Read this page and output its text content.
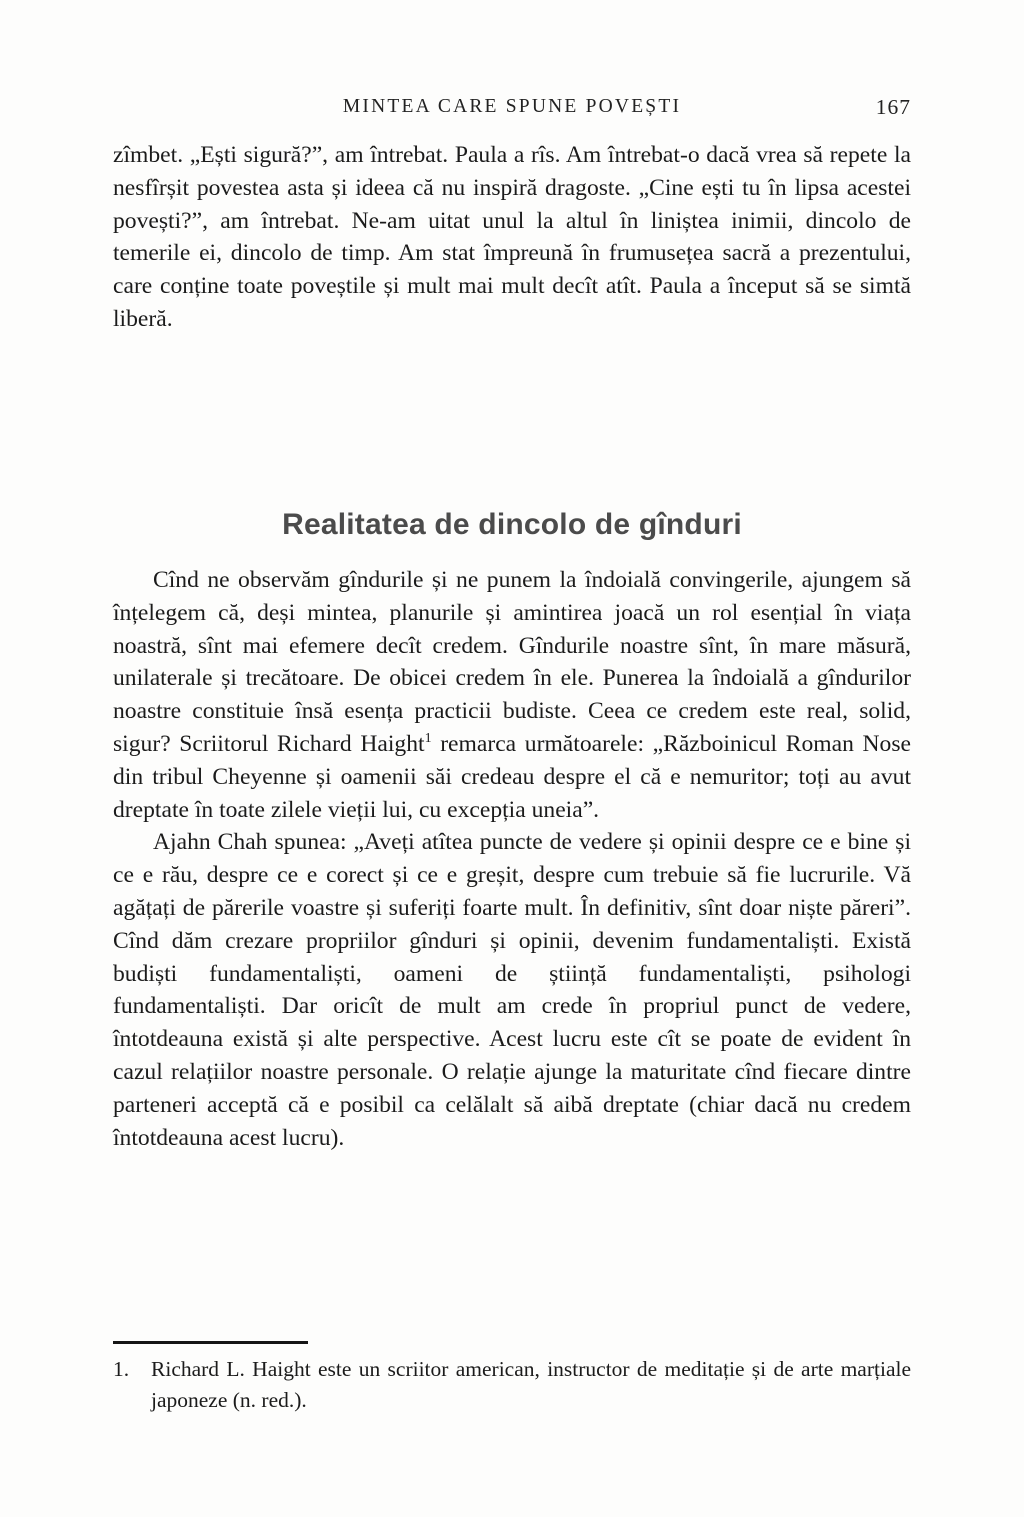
MINTEA CARE SPUNE POVEȘTI	167

zîmbet. „Ești sigură?”, am întrebat. Paula a rîs. Am întrebat-o dacă vrea să repete la nesfîrșit povestea asta și ideea că nu inspiră dragoste. „Cine ești tu în lipsa acestei povești?”, am întrebat. Ne-am uitat unul la altul în liniștea inimii, dincolo de temerile ei, dincolo de timp. Am stat împreună în frumusețea sacră a prezentului, care conține toate poveștile și mult mai mult decît atît. Paula a început să se simtă liberă.

Realitatea de dincolo de gînduri

Cînd ne observăm gîndurile și ne punem la îndoială convingerile, ajungem să înțelegem că, deși mintea, planurile și amintirea joacă un rol esențial în viața noastră, sînt mai efemere decît credem. Gîndurile noastre sînt, în mare măsură, unilaterale și trecătoare. De obicei credem în ele. Punerea la îndoială a gîndurilor noastre constituie însă esența practicii budiste. Ceea ce credem este real, solid, sigur? Scriitorul Richard Haight$^1$ remarca următoarele: „Războinicul Roman Nose din tribul Cheyenne și oamenii săi credeau despre el că e nemuritor; toți au avut dreptate în toate zilele vieții lui, cu excepția uneia”.

Ajahn Chah spunea: „Aveți atîtea puncte de vedere și opinii despre ce e bine și ce e rău, despre ce e corect și ce e greșit, despre cum trebuie să fie lucrurile. Vă agățați de părerile voastre și suferiți foarte mult. În definitiv, sînt doar niște păreri”. Cînd dăm crezare propriilor gînduri și opinii, devenim fundamentaliști. Există budiști fundamentaliști, oameni de știință fundamentaliști, psihologi fundamentaliști. Dar oricît de mult am crede în propriul punct de vedere, întotdeauna există și alte perspective. Acest lucru este cît se poate de evident în cazul relațiilor noastre personale. O relație ajunge la maturitate cînd fiecare dintre parteneri acceptă că e posibil ca celălalt să aibă dreptate (chiar dacă nu credem întotdeauna acest lucru).

1.	Richard L. Haight este un scriitor american, instructor de meditație și de arte marțiale japoneze (n. red.).
